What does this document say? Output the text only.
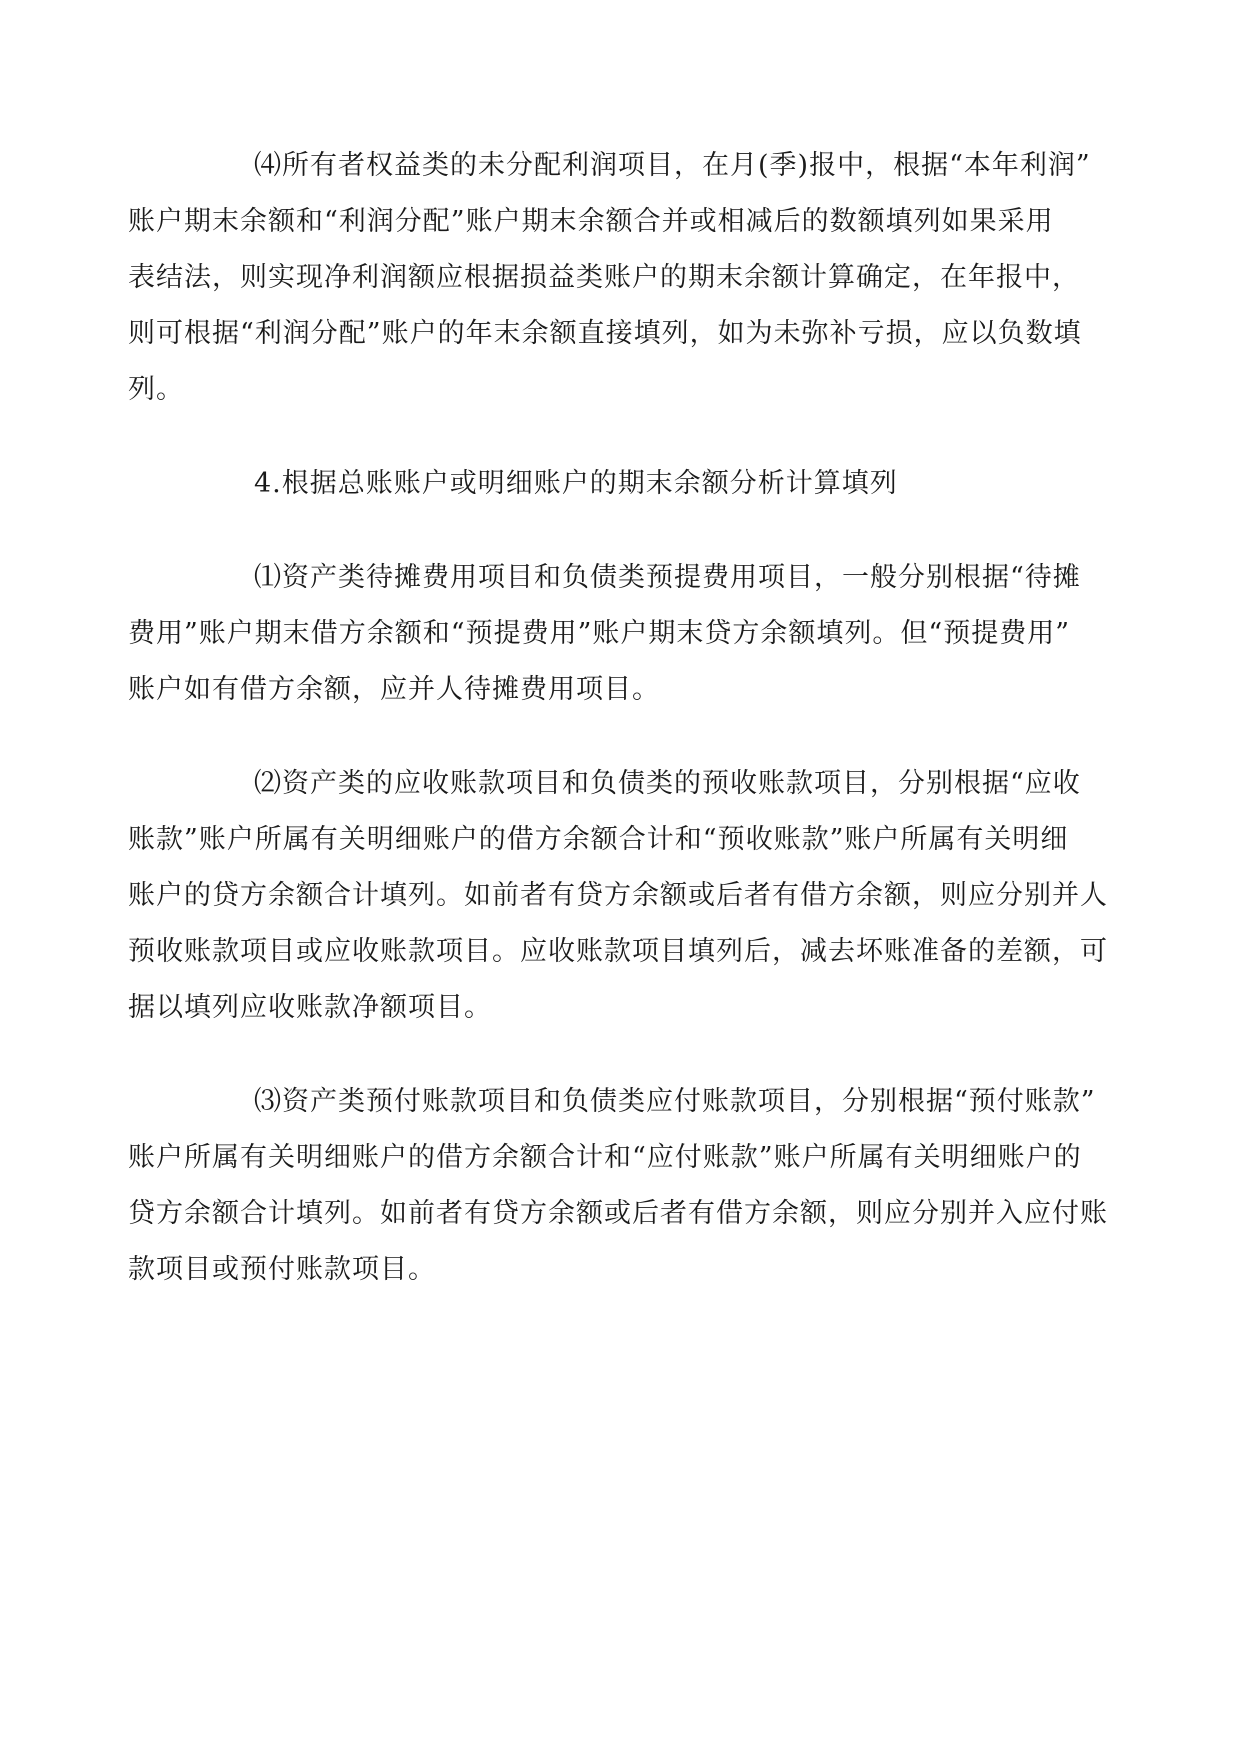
⑷所有者权益类的未分配利润项目，在月(季)报中，根据“本年利润”

账户期末余额和“利润分配”账户期末余额合并或相减后的数额填列如果采用

表结法，则实现净利润额应根据损益类账户的期末余额计算确定，在年报中，

则可根据“利润分配”账户的年末余额直接填列，如为未弥补亏损，应以负数填

列。

4.根据总账账户或明细账户的期末余额分析计算填列

⑴资产类待摊费用项目和负债类预提费用项目，一般分别根据“待摊

费用”账户期末借方余额和“预提费用”账户期末贷方余额填列。但“预提费用”

账户如有借方余额，应并人待摊费用项目。

⑵资产类的应收账款项目和负债类的预收账款项目，分别根据“应收

账款”账户所属有关明细账户的借方余额合计和“预收账款”账户所属有关明细

账户的贷方余额合计填列。如前者有贷方余额或后者有借方余额，则应分别并人

预收账款项目或应收账款项目。应收账款项目填列后，减去坏账准备的差额，可

据以填列应收账款净额项目。

⑶资产类预付账款项目和负债类应付账款项目，分别根据“预付账款”

账户所属有关明细账户的借方余额合计和“应付账款”账户所属有关明细账户的

贷方余额合计填列。如前者有贷方余额或后者有借方余额，则应分别并入应付账

款项目或预付账款项目。
